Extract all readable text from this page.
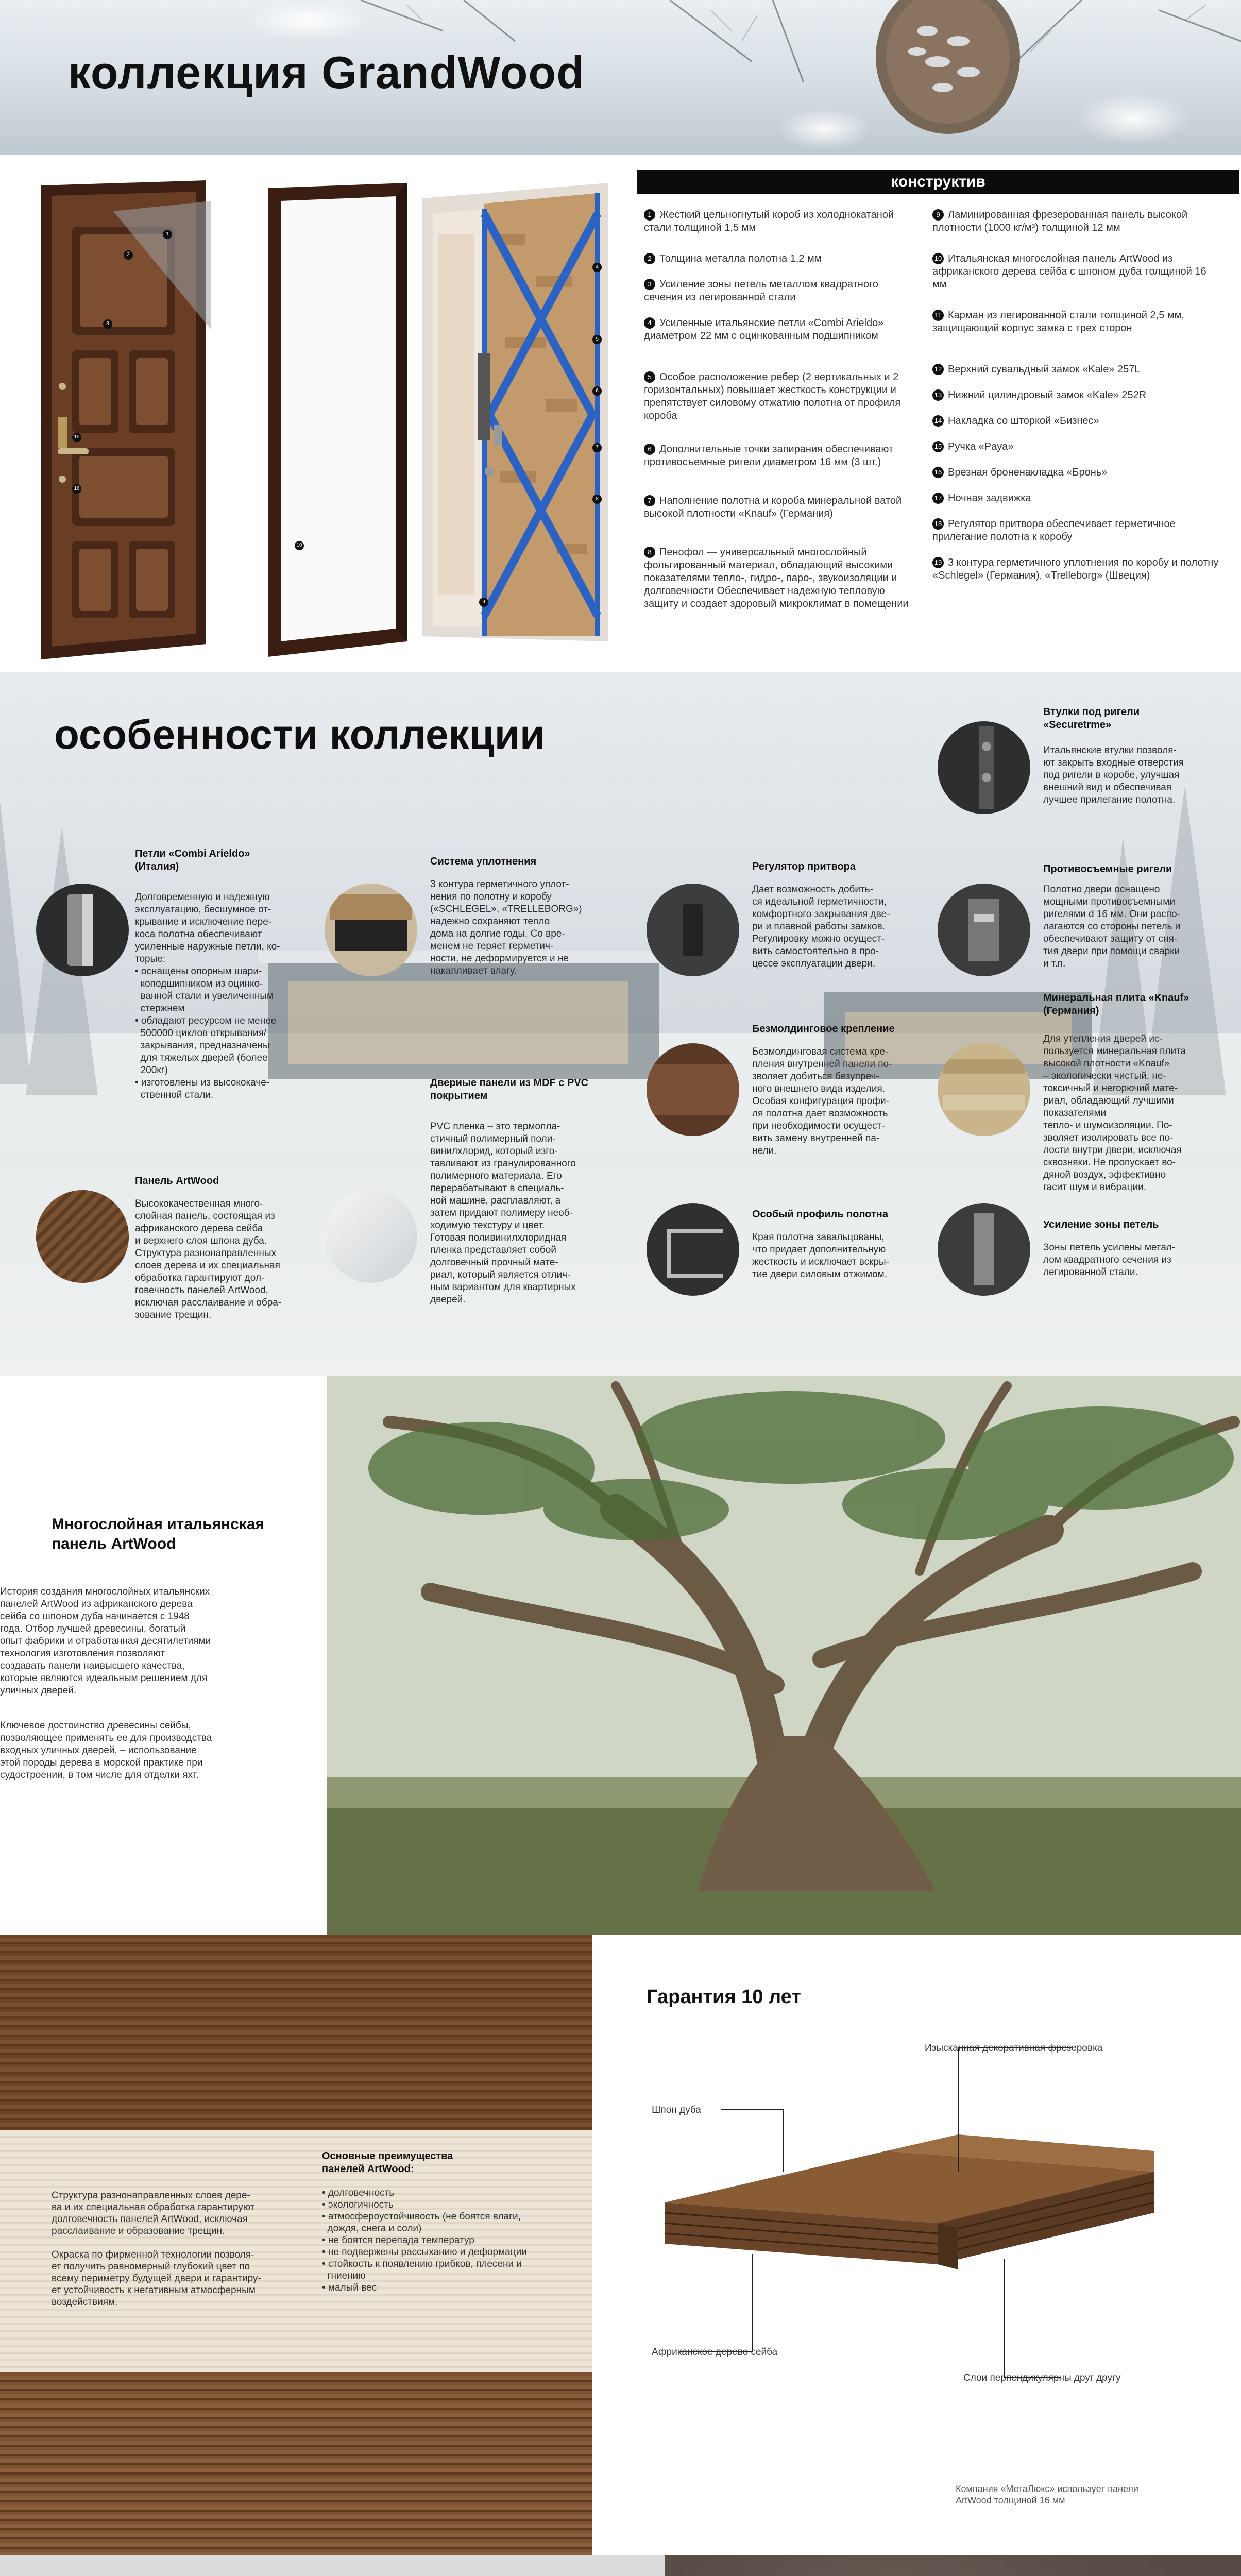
коллекция GrandWood
1
2
3
15
16
10
4
5
6
7
8
9
конструктив
1 Жесткий цельногнутый короб из холоднокатаной стали толщиной 1,5 мм
2 Толщина металла полотна 1,2 мм
3 Усиление зоны петель металлом квадратного сечения из легированной стали
4 Усиленные итальянские петли «Combi Arieldo» диаметром 22 мм с оцинкованным подшипником
5 Особое расположение ребер (2 вертикальных и 2 горизонтальных) повышает жесткость конструкции и препятствует силовому отжатию полотна от профиля короба
6 Дополнительные точки запирания обеспечивают противосъемные ригели диаметром 16 мм (3 шт.)
7 Наполнение полотна и короба минеральной ватой высокой плотности «Knauf» (Германия)
8 Пенофол — универсальный многослойный фольгированный материал, обладающий высокими показателями тепло-, гидро-, паро-, звукоизоляции и долговечности Обеспечивает надежную тепловую защиту и создает здоровый микроклимат в помещении
9 Ламинированная фрезерованная панель высокой плотности (1000 кг/м³) толщиной 12 мм
10 Итальянская многослойная панель ArtWood из африканского дерева сейба с шпоном дуба толщиной 16 мм
11 Карман из легированной стали толщиной 2,5 мм, защищающий корпус замка с трех сторон
12 Верхний сувальдный замок «Kale» 257L
13 Нижний цилиндровый замок «Kale» 252R
14 Накладка со шторкой «Бизнес»
15 Ручка «Paya»
16 Врезная броненакладка «Бронь»
17 Ночная задвижка
18 Регулятор притвора обеспечивает герметичное прилегание полотна к коробу
19 3 контура герметичного уплотнения по коробу и полотну «Schlegel» (Германия), «Trelleborg» (Швеция)
особенности коллекции
Петли «Combi Arieldo» (Италия)
Долговременную и надежную
эксплуатацию, бесшумное от-
крывание и исключение пере-
коса полотна обеспечивают
усиленные наружные петли, ко-
торые:
• оснащены опорным шари-
коподшипником из оцинко-
ванной стали и увеличенным
стержнем
• обладают ресурсом не менее
500000 циклов открывания/
закрывания, предназначены
для тяжелых дверей (более
200кг)
• изготовлены из высококаче-
ственной стали.
Система уплотнения
3 контура герметичного уплот-
нения по полотну и коробу
(«SCHLEGEL», «TRELLEBORG»)
надежно сохраняют тепло
дома на долгие годы. Со вре-
менем не теряет герметич-
ности, не деформируется и не
накапливает влагу.
Регулятор притвора
Дает возможность добить-
ся идеальной герметичности,
комфортного закрывания две-
ри и плавной работы замков.
Регулировку можно осущест-
вить самостоятельно в про-
цессе эксплуатации двери.
Втулки под ригели «Securetrme»
Итальянские втулки позволя-
ют закрыть входные отверстия
под ригели в коробе, улучшая
внешний вид и обеспечивая
лучшее прилегание полотна.
Противосъемные ригели
Полотно двери оснащено
мощными противосъемными
ригелями d 16 мм. Они распо-
лагаются со стороны петель и
обеспечивают защиту от сня-
тия двери при помощи сварки
и т.п.
Безмолдинговое крепление
Безмолдинговая система кре-
пления внутренней панели по-
зволяет добиться безупреч-
ного внешнего вида изделия.
Особая конфигурация профи-
ля полотна дает возможность
при необходимости осущест-
вить замену внутренней па-
нели.
Минеральная плита «Knauf» (Германия)
Для утепления дверей ис-
пользуется минеральная плита
высокой плотности «Knauf»
– экологически чистый, не-
токсичный и негорючий мате-
риал, обладающий лучшими
показателями
тепло- и шумоизоляции. По-
зволяет изолировать все по-
лости внутри двери, исключая
сквозняки. Не пропускает во-
дяной воздух, эффективно
гасит шум и вибрации.
Двериые панели из MDF с PVC покрытием
PVC пленка – это термопла-
стичный полимерный поли-
винилхлорид, который изго-
тавливают из гранулированного
полимерного материала. Его
перерабатывают в специаль-
ной машине, расплавляют, а
затем придают полимеру необ-
ходимую текстуру и цвет.
Готовая поливинилхлоридная
пленка представляет собой
долговечный прочный мате-
риал, который является отлич-
ным вариантом для квартирных
дверей.
Панель ArtWood
Высококачественная много-
слойная панель, состоящая из
африканского дерева сейба
и верхнего слоя шпона дуба.
Структура разнонаправленных
слоев дерева и их специальная
обработка гарантируют дол-
говечность панелей ArtWood,
исключая расслаивание и обра-
зование трещин.
Особый профиль полотна
Края полотна завальцованы,
что придает дополнительную
жесткость и исключает вскры-
тие двери силовым отжимом.
Усиление зоны петель
Зоны петель усилены метал-
лом квадратного сечения из
легированной стали.
Многослойная итальянская
панель ArtWood

История создания многослойных итальянских
панелей ArtWood из африканского дерева
сейба со шпоном дуба начинается с 1948
года. Отбор лучшей древесины, богатый
опыт фабрики и отработанная десятилетиями
технология изготовления позволяют
создавать панели наивысшего качества,
которые являются идеальным решением для
уличных дверей.

Ключевое достоинство древесины сейбы,
позволяющее применять ее для производства
входных уличных дверей, – использование
этой породы дерева в морской практике при
судостроении, в том числе для отделки яхт.

Структура разнонаправленных слоев дере-
ва и их специальная обработка гарантируют
долговечность панелей ArtWood, исключая
расслаивание и образование трещин.

Окраска по фирменной технологии позволя-
ет получить равномерный глубокий цвет по
всему периметру будущей двери и гарантиру-
ет устойчивость к негативным атмосферным
воздействиям.

Основные преимущества
панелей ArtWood:
• долговечность
• экологичность
• атмосфероустойчивость (не боятся влаги,
дождя, снега и соли)
• не боятся перепада температур
• не подвержены рассыханию и деформации
• стойкость к появлению грибков, плесени и
гниению
• малый вес
Гарантия 10 лет
Шпон дуба
Изысканная декоративная фрезеровка
Африканское дерево сейба
Слои перпендикулярны друг другу
Компания «МетаЛюкс» использует панели
ArtWood толщиной 16 мм
